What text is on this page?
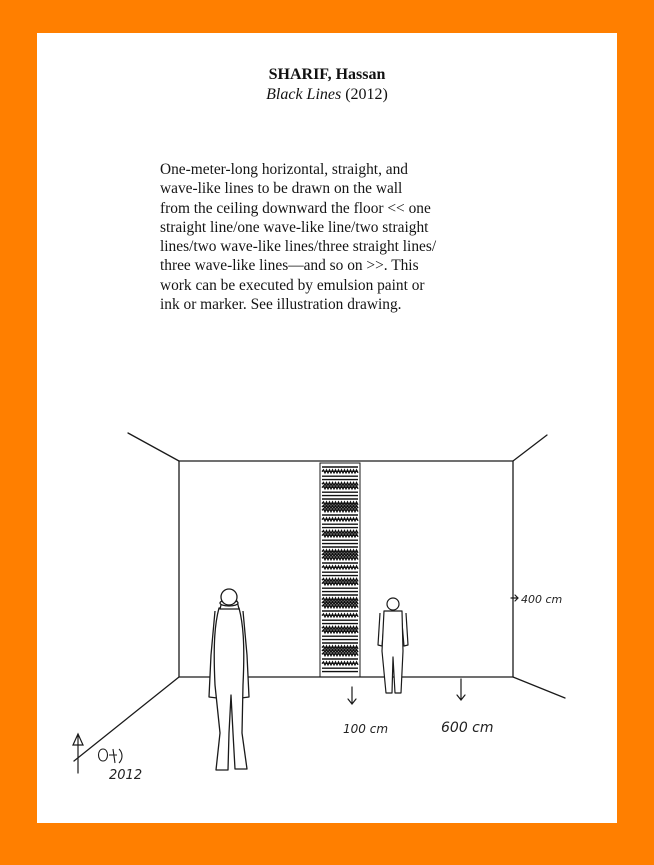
SHARIF, Hassan
Black Lines (2012)
One-meter-long horizontal, straight, and
wave-like lines to be drawn on the wall
from the ceiling downward the floor << one
straight line/one wave-like line/two straight
lines/two wave-like lines/three straight lines/
three wave-like lines—and so on >>. This
work can be executed by emulsion paint or
ink or marker. See illustration drawing.
400 cm
100 cm	600 cm
2012
